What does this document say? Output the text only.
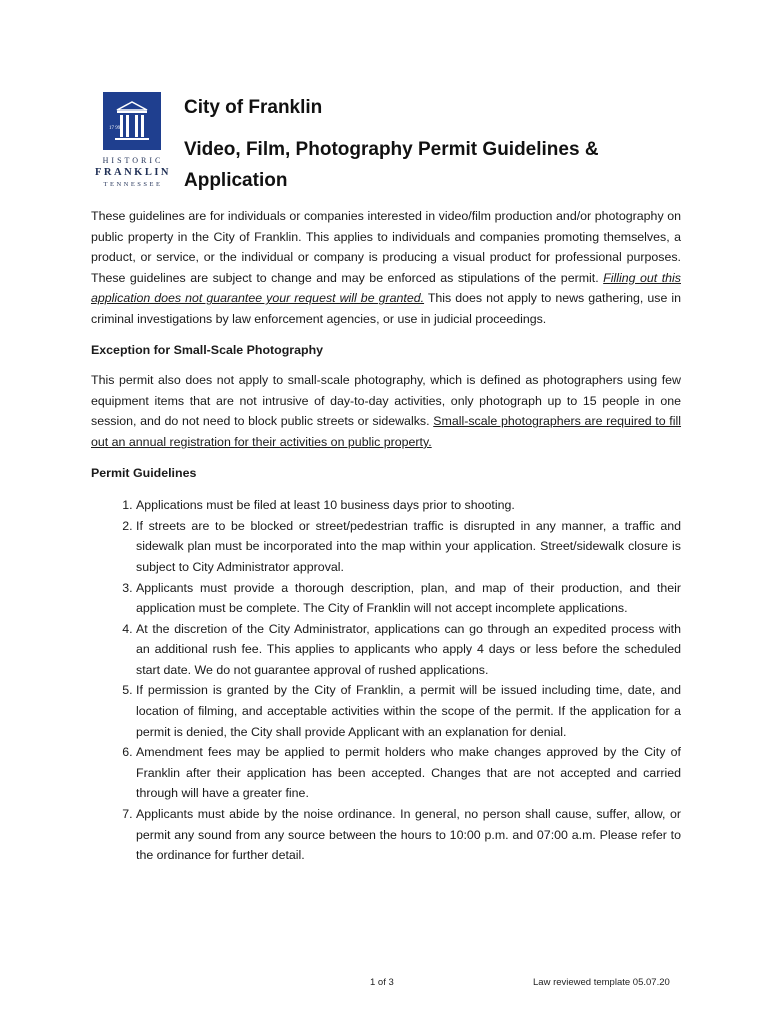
17 99
HISTORIC
FRANKLIN
TENNESSEE
City of Franklin
Video, Film, Photography Permit Guidelines &
Application

These guidelines are for individuals or companies interested in video/film production and/or photography on public property in the City of Franklin. This applies to individuals and companies promoting themselves, a product, or service, or the individual or company is producing a visual product for professional purposes. These guidelines are subject to change and may be enforced as stipulations of the permit. Filling out this application does not guarantee your request will be granted. This does not apply to news gathering, use in criminal investigations by law enforcement agencies, or use in judicial proceedings.

Exception for Small-Scale Photography

This permit also does not apply to small-scale photography, which is defined as photographers using few equipment items that are not intrusive of day-to-day activities, only photograph up to 15 people in one session, and do not need to block public streets or sidewalks. Small-scale photographers are required to fill out an annual registration for their activities on public property.

Permit Guidelines

1. Applications must be filed at least 10 business days prior to shooting.
2. If streets are to be blocked or street/pedestrian traffic is disrupted in any manner, a traffic and sidewalk plan must be incorporated into the map within your application. Street/sidewalk closure is subject to City Administrator approval.
3. Applicants must provide a thorough description, plan, and map of their production, and their application must be complete. The City of Franklin will not accept incomplete applications.
4. At the discretion of the City Administrator, applications can go through an expedited process with an additional rush fee. This applies to applicants who apply 4 days or less before the scheduled start date. We do not guarantee approval of rushed applications.
5. If permission is granted by the City of Franklin, a permit will be issued including time, date, and location of filming, and acceptable activities within the scope of the permit. If the application for a permit is denied, the City shall provide Applicant with an explanation for denial.
6. Amendment fees may be applied to permit holders who make changes approved by the City of Franklin after their application has been accepted. Changes that are not accepted and carried through will have a greater fine.
7. Applicants must abide by the noise ordinance. In general, no person shall cause, suffer, allow, or permit any sound from any source between the hours to 10:00 p.m. and 07:00 a.m. Please refer to the ordinance for further detail.
1 of 3	Law reviewed template 05.07.20
